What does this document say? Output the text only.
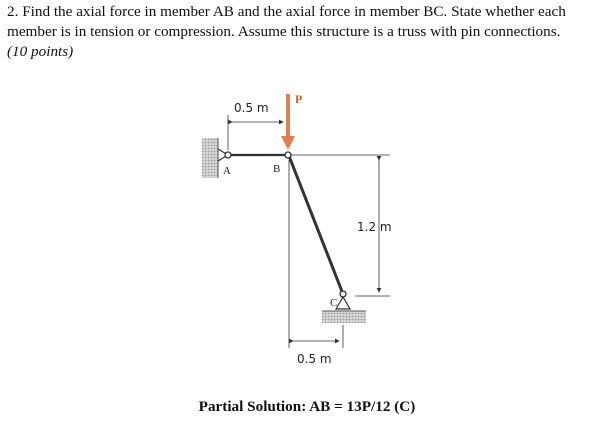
2. Find the axial force in member AB and the axial force in member BC. State whether each
member is in tension or compression. Assume this structure is a truss with pin connections.
(10 points)
0.5 m
P
1.2 m
0.5 m
A	B
C

Partial Solution: AB = 13P/12 (C)
